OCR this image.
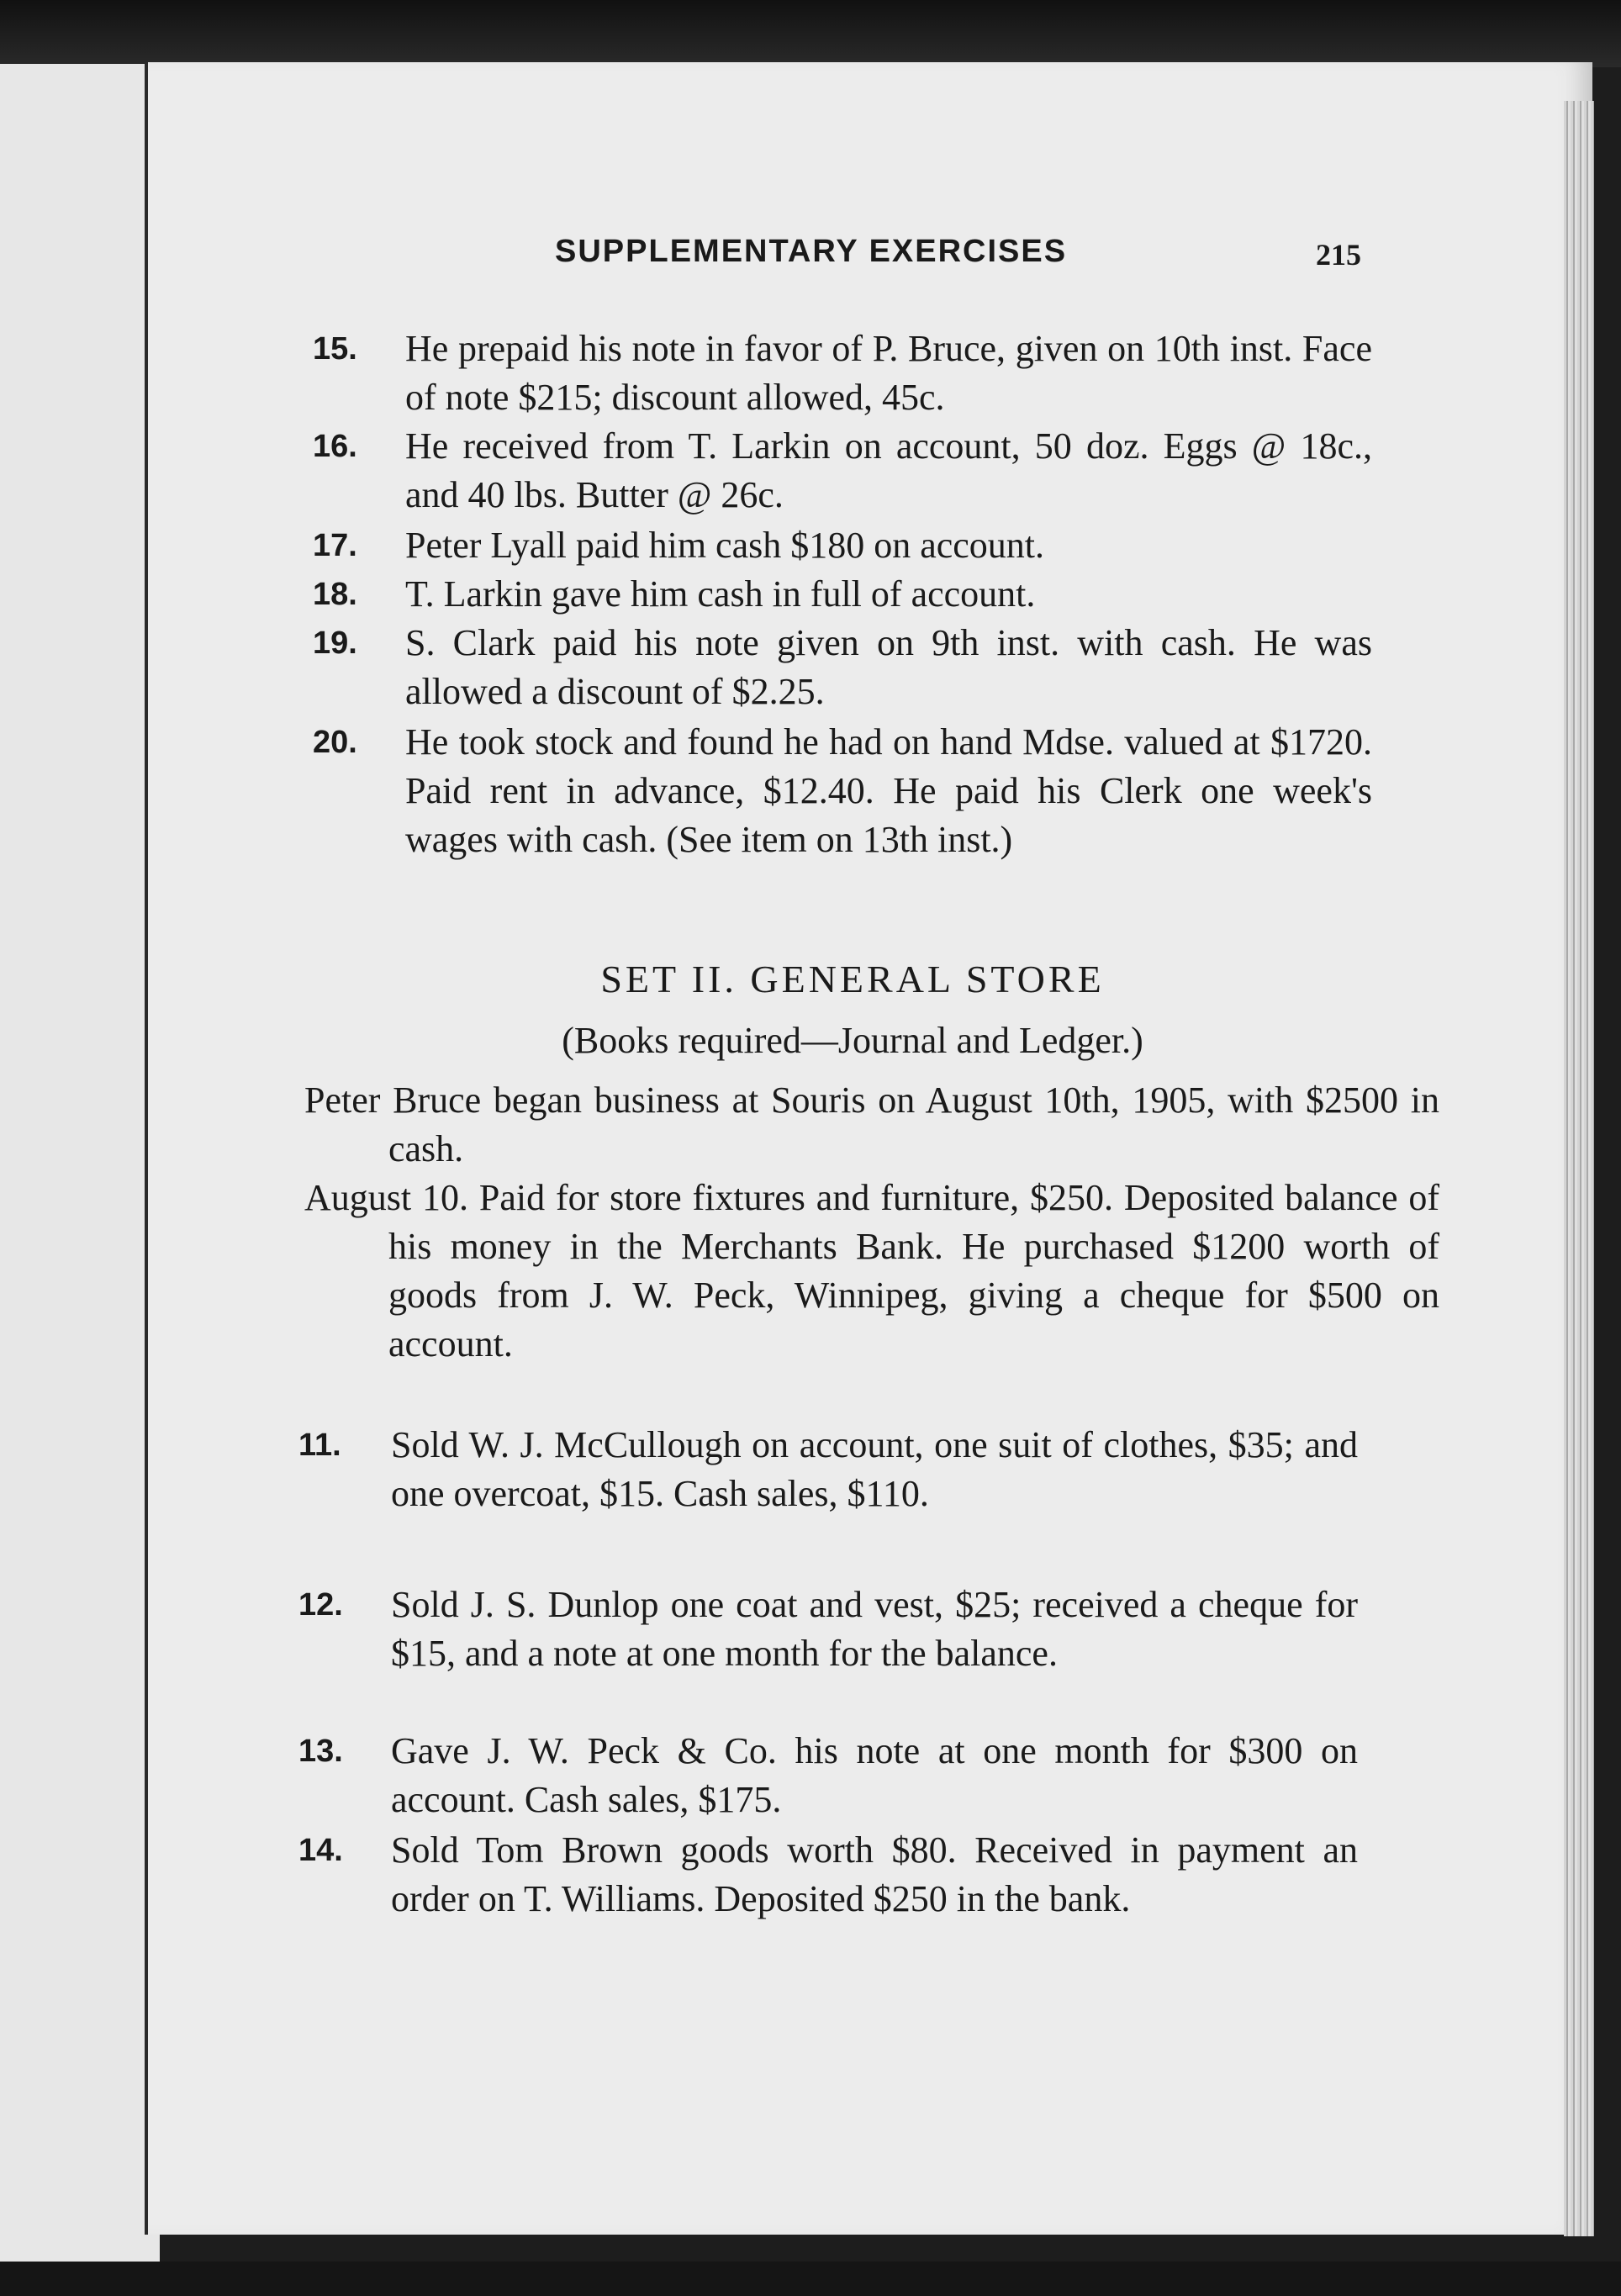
SUPPLEMENTARY EXERCISES	215
15. He prepaid his note in favor of P. Bruce, given on 10th inst. Face of note $215; discount allowed, 45c.
16. He received from T. Larkin on account, 50 doz. Eggs @ 18c., and 40 lbs. Butter @ 26c.
17. Peter Lyall paid him cash $180 on account.
18. T. Larkin gave him cash in full of account.
19. S. Clark paid his note given on 9th inst. with cash. He was allowed a discount of $2.25.
20. He took stock and found he had on hand Mdse. valued at $1720. Paid rent in advance, $12.40. He paid his Clerk one week's wages with cash. (See item on 13th inst.)
SET II. GENERAL STORE
(Books required—Journal and Ledger.)
Peter Bruce began business at Souris on August 10th, 1905, with $2500 in cash.
August 10. Paid for store fixtures and furniture, $250. Deposited balance of his money in the Merchants Bank. He purchased $1200 worth of goods from J. W. Peck, Winnipeg, giving a cheque for $500 on account.
11. Sold W. J. McCullough on account, one suit of clothes, $35; and one overcoat, $15. Cash sales, $110.
12. Sold J. S. Dunlop one coat and vest, $25; received a cheque for $15, and a note at one month for the balance.
13. Gave J. W. Peck & Co. his note at one month for $300 on account. Cash sales, $175.
14. Sold Tom Brown goods worth $80. Received in payment an order on T. Williams. Deposited $250 in the bank.
